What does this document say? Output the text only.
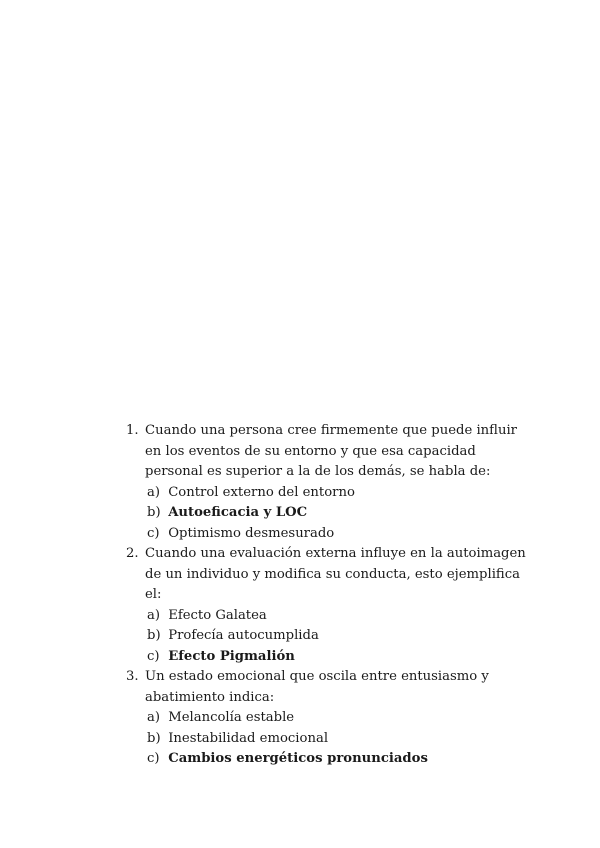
1. Cuando una persona cree firmemente que puede influir en los eventos de su entorno y que esa capacidad personal es superior a la de los demás, se habla de:
a) Control externo del entorno
b) Autoeficacia y LOC
c) Optimismo desmesurado
2. Cuando una evaluación externa influye en la autoimagen de un individuo y modifica su conducta, esto ejemplifica el:
a) Efecto Galatea
b) Profecía autocumplida
c) Efecto Pigmalión
3. Un estado emocional que oscila entre entusiasmo y abatimiento indica:
a) Melancolía estable
b) Inestabilidad emocional
c) Cambios energéticos pronunciados
